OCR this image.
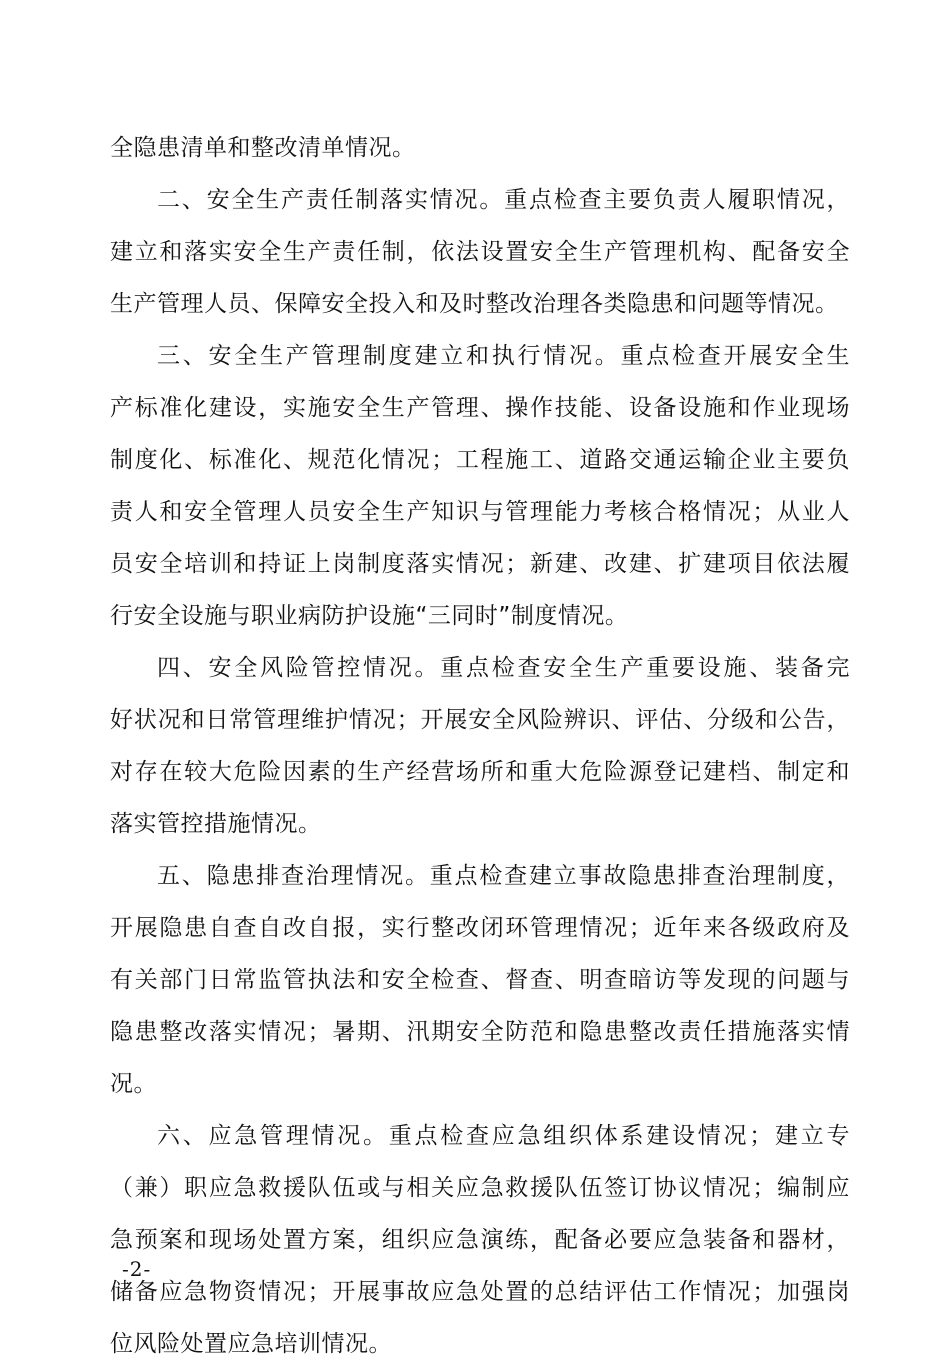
全隐患清单和整改清单情况。
二、安全生产责任制落实情况。重点检查主要负责人履职情况，
建立和落实安全生产责任制，依法设置安全生产管理机构、配备安全
生产管理人员、保障安全投入和及时整改治理各类隐患和问题等情况。
三、安全生产管理制度建立和执行情况。重点检查开展安全生
产标准化建设，实施安全生产管理、操作技能、设备设施和作业现场
制度化、标准化、规范化情况；工程施工、道路交通运输企业主要负
责人和安全管理人员安全生产知识与管理能力考核合格情况；从业人
员安全培训和持证上岗制度落实情况；新建、改建、扩建项目依法履
行安全设施与职业病防护设施“三同时”制度情况。
四、安全风险管控情况。重点检查安全生产重要设施、装备完
好状况和日常管理维护情况；开展安全风险辨识、评估、分级和公告，
对存在较大危险因素的生产经营场所和重大危险源登记建档、制定和
落实管控措施情况。
五、隐患排查治理情况。重点检查建立事故隐患排查治理制度，
开展隐患自查自改自报，实行整改闭环管理情况；近年来各级政府及
有关部门日常监管执法和安全检查、督查、明查暗访等发现的问题与
隐患整改落实情况；暑期、汛期安全防范和隐患整改责任措施落实情
况。
六、应急管理情况。重点检查应急组织体系建设情况；建立专
（兼）职应急救援队伍或与相关应急救援队伍签订协议情况；编制应
急预案和现场处置方案，组织应急演练，配备必要应急装备和器材，
储备应急物资情况；开展事故应急处置的总结评估工作情况；加强岗
位风险处置应急培训情况。
-2-
